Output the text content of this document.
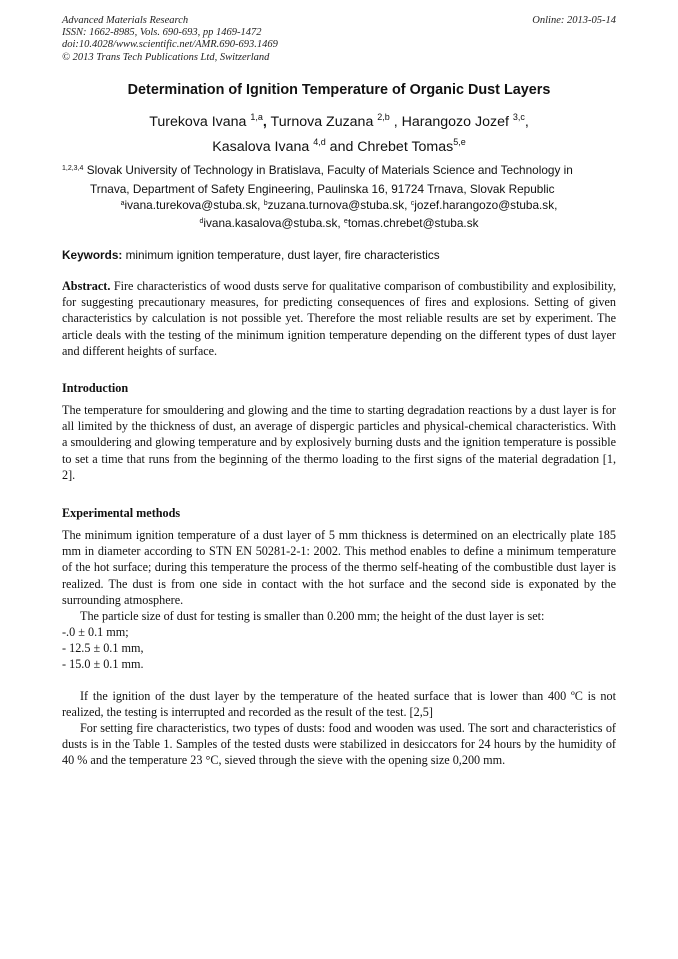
Advanced Materials Research
ISSN: 1662-8985, Vols. 690-693, pp 1469-1472
doi:10.4028/www.scientific.net/AMR.690-693.1469
© 2013 Trans Tech Publications Ltd, Switzerland
Online: 2013-05-14
Determination of Ignition Temperature of Organic Dust Layers
Turekova Ivana $^{1,a}$, Turnova Zuzana $^{2,b}$ , Harangozo Jozef $^{3,c}$,
Kasalova Ivana $^{4,d}$ and Chrebet Tomas$^{5,e}$
$^{1,2,3,4}$ Slovak University of Technology in Bratislava, Faculty of Materials Science and Technology in
Trnava, Department of Safety Engineering, Paulinska 16, 91724 Trnava, Slovak Republic
$^a$ivana.turekova@stuba.sk, $^b$zuzana.turnova@stuba.sk, $^c$jozef.harangozo@stuba.sk,
$^d$ivana.kasalova@stuba.sk, $^e$tomas.chrebet@stuba.sk
Keywords: minimum ignition temperature, dust layer, fire characteristics

Abstract. Fire characteristics of wood dusts serve for qualitative comparison of combustibility and explosibility, for suggesting precautionary measures, for predicting consequences of fires and explosions. Setting of given characteristics by calculation is not possible yet. Therefore the most reliable results are set by experiment. The article deals with the testing of the minimum ignition temperature depending on the different types of dust layer and different heights of surface.

Introduction

The temperature for smouldering and glowing and the time to starting degradation reactions by a dust layer is for all limited by the thickness of dust, an average of dispergic particles and physical-chemical characteristics. With a smouldering and glowing temperature and by explosively burning dusts and the ignition temperature is possible to set a time that runs from the beginning of the thermo loading to the first signs of the material degradation [1, 2].

Experimental methods

The minimum ignition temperature of a dust layer of 5 mm thickness is determined on an electrically plate 185 mm in diameter according to STN EN 50281-2-1: 2002. This method enables to define a minimum temperature of the hot surface; during this temperature the process of the thermo self-heating of the combustible dust layer is realized. The dust is from one side in contact with the hot surface and the second side is exponated by the surrounding atmosphere.

The particle size of dust for testing is smaller than 0.200 mm; the height of the dust layer is set:

-.0 ± 0.1 mm;
- 12.5 ± 0.1 mm,
- 15.0 ± 0.1 mm.

If the ignition of the dust layer by the temperature of the heated surface that is lower than 400 ºC is not realized, the testing is interrupted and recorded as the result of the test. [2,5]

For setting fire characteristics, two types of dusts: food and wooden was used. The sort and characteristics of dusts is in the Table 1. Samples of the tested dusts were stabilized in desiccators for 24 hours by the humidity of 40 % and the temperature 23 °C, sieved through the sieve with the opening size 0,200 mm.
